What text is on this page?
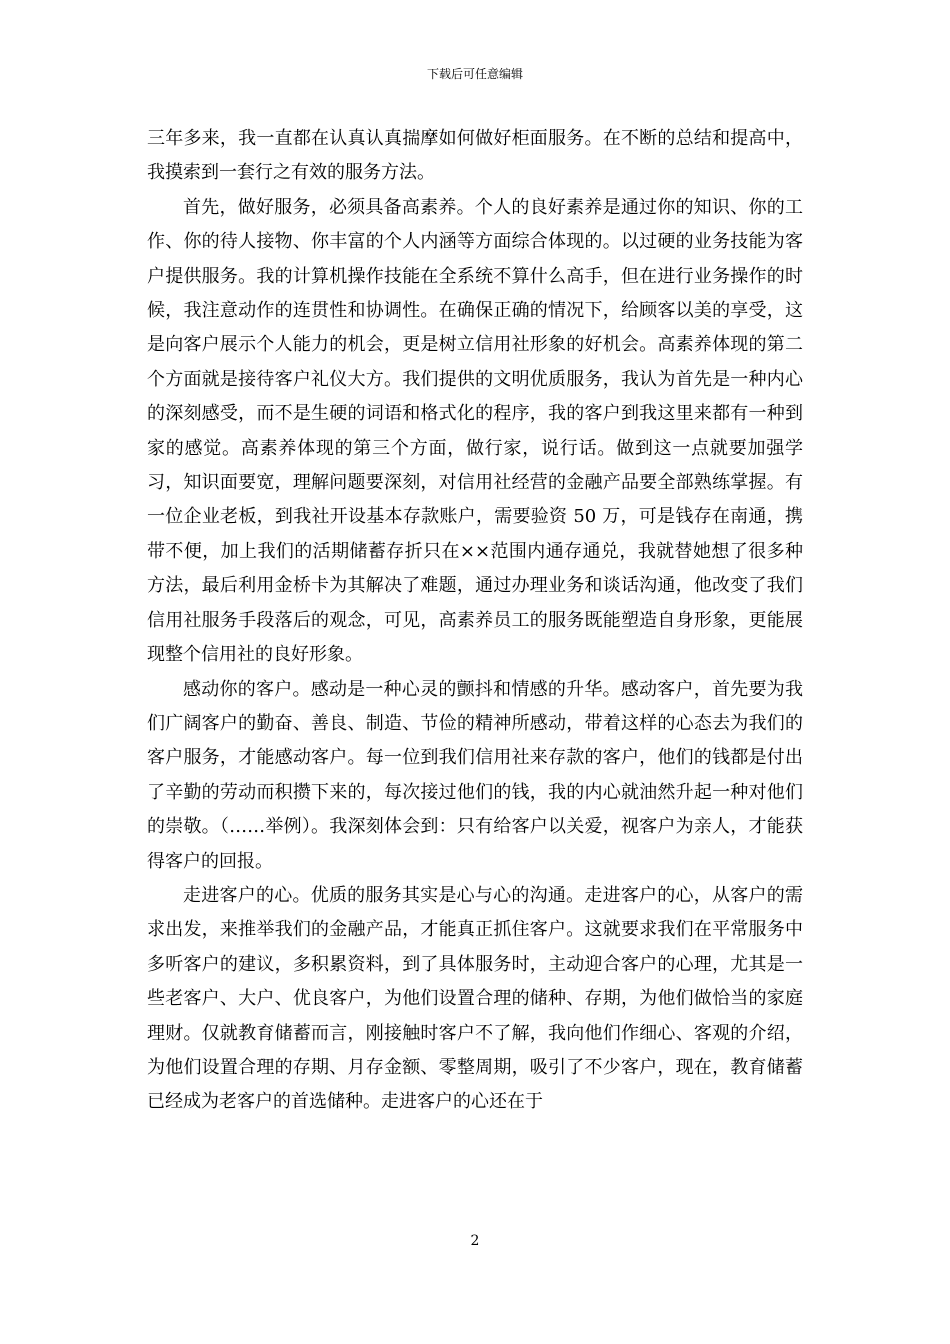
下载后可任意编辑

三年多来，我一直都在认真认真揣摩如何做好柜面服务。在不断的总结和提高中，我摸索到一套行之有效的服务方法。

首先，做好服务，必须具备高素养。个人的良好素养是通过你的知识、你的工作、你的待人接物、你丰富的个人内涵等方面综合体现的。以过硬的业务技能为客户提供服务。我的计算机操作技能在全系统不算什么高手，但在进行业务操作的时候，我注意动作的连贯性和协调性。在确保正确的情况下，给顾客以美的享受，这是向客户展示个人能力的机会，更是树立信用社形象的好机会。高素养体现的第二个方面就是接待客户礼仪大方。我们提供的文明优质服务，我认为首先是一种内心的深刻感受，而不是生硬的词语和格式化的程序，我的客户到我这里来都有一种到家的感觉。高素养体现的第三个方面，做行家，说行话。做到这一点就要加强学习，知识面要宽，理解问题要深刻，对信用社经营的金融产品要全部熟练掌握。有一位企业老板，到我社开设基本存款账户，需要验资 50 万，可是钱存在南通，携带不便，加上我们的活期储蓄存折只在××范围内通存通兑，我就替她想了很多种方法，最后利用金桥卡为其解决了难题，通过办理业务和谈话沟通，他改变了我们信用社服务手段落后的观念，可见，高素养员工的服务既能塑造自身形象，更能展现整个信用社的良好形象。

感动你的客户。感动是一种心灵的颤抖和情感的升华。感动客户，首先要为我们广阔客户的勤奋、善良、制造、节俭的精神所感动，带着这样的心态去为我们的客户服务，才能感动客户。每一位到我们信用社来存款的客户，他们的钱都是付出了辛勤的劳动而积攒下来的，每次接过他们的钱，我的内心就油然升起一种对他们的崇敬。（……举例）。我深刻体会到：只有给客户以关爱，视客户为亲人，才能获得客户的回报。

走进客户的心。优质的服务其实是心与心的沟通。走进客户的心，从客户的需求出发，来推举我们的金融产品，才能真正抓住客户。这就要求我们在平常服务中多听客户的建议，多积累资料，到了具体服务时，主动迎合客户的心理，尤其是一些老客户、大户、优良客户，为他们设置合理的储种、存期，为他们做恰当的家庭理财。仅就教育储蓄而言，刚接触时客户不了解，我向他们作细心、客观的介绍，为他们设置合理的存期、月存金额、零整周期，吸引了不少客户，现在，教育储蓄已经成为老客户的首选储种。走进客户的心还在于

2
